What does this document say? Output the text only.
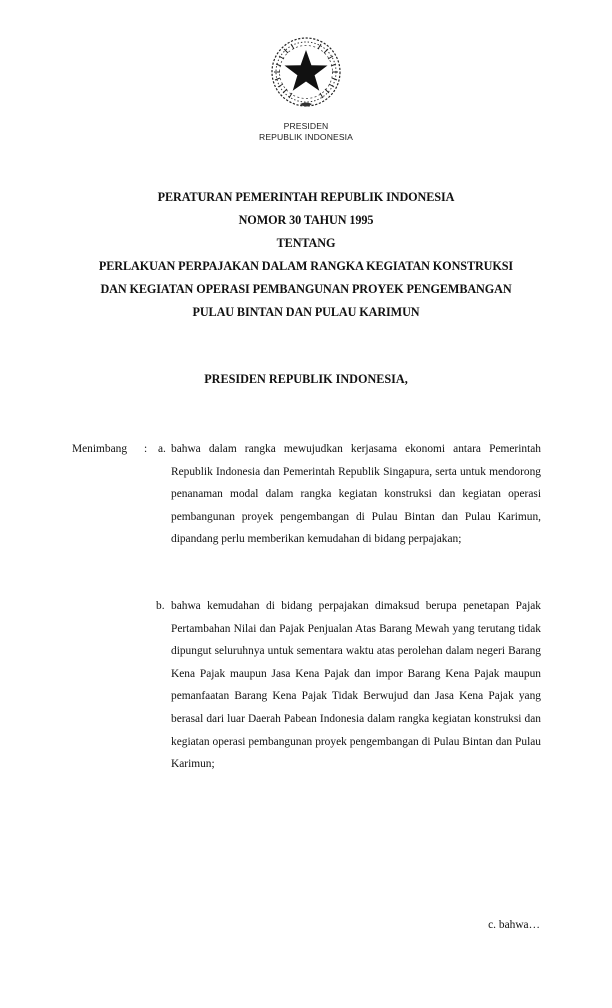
PRESIDEN
REPUBLIK INDONESIA
PERATURAN PEMERINTAH REPUBLIK INDONESIA
NOMOR 30 TAHUN 1995
TENTANG
PERLAKUAN PERPAJAKAN DALAM RANGKA KEGIATAN KONSTRUKSI
DAN KEGIATAN OPERASI PEMBANGUNAN PROYEK PENGEMBANGAN
PULAU BINTAN DAN PULAU KARIMUN
PRESIDEN REPUBLIK INDONESIA,
Menimbang : a. bahwa dalam rangka mewujudkan kerjasama ekonomi antara Pemerintah Republik Indonesia dan Pemerintah Republik Singapura, serta untuk mendorong penanaman modal dalam rangka kegiatan konstruksi dan kegiatan operasi pembangunan proyek pengembangan di Pulau Bintan dan Pulau Karimun, dipandang perlu memberikan kemudahan di bidang perpajakan;
b. bahwa kemudahan di bidang perpajakan dimaksud berupa penetapan Pajak Pertambahan Nilai dan Pajak Penjualan Atas Barang Mewah yang terutang tidak dipungut seluruhnya untuk sementara waktu atas perolehan dalam negeri Barang Kena Pajak maupun Jasa Kena Pajak dan impor Barang Kena Pajak maupun pemanfaatan Barang Kena Pajak Tidak Berwujud dan Jasa Kena Pajak yang berasal dari luar Daerah Pabean Indonesia dalam rangka kegiatan konstruksi dan kegiatan operasi pembangunan proyek pengembangan di Pulau Bintan dan Pulau Karimun;
c. bahwa…
